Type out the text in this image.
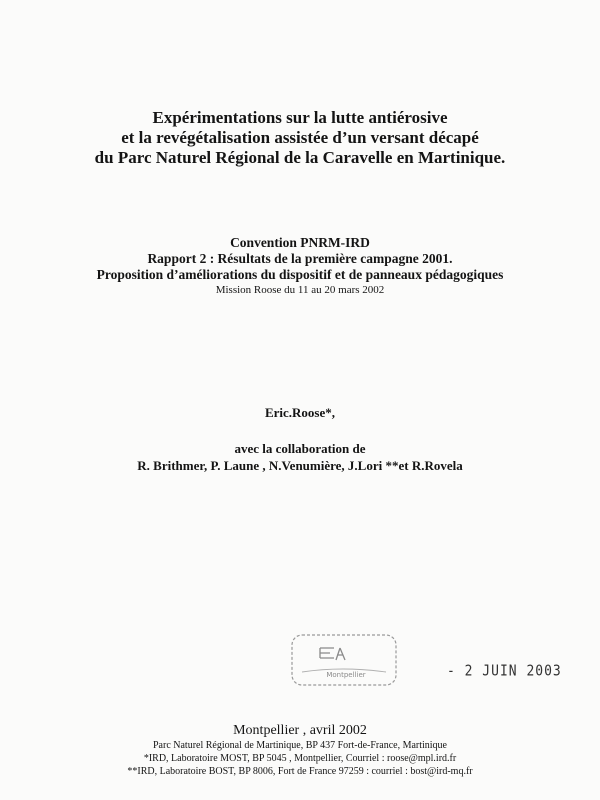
Expérimentations sur la lutte antiérosive
et la revégétalisation assistée d’un versant décapé
du Parc Naturel Régional de la Caravelle en Martinique.
Convention PNRM-IRD
Rapport 2 : Résultats de la première campagne 2001.
Proposition d’améliorations du dispositif et de panneaux pédagogiques
Mission Roose du 11 au 20 mars 2002
Eric.Roose*,
avec la collaboration de
R. Brithmer, P. Laune , N.Venumière, J.Lori **et R.Rovela
Montpellier	- 2 JUIN 2003
Montpellier , avril 2002
Parc Naturel Régional de Martinique, BP 437 Fort-de-France, Martinique
*IRD, Laboratoire MOST, BP 5045 , Montpellier, Courriel : roose@mpl.ird.fr
**IRD, Laboratoire BOST, BP 8006, Fort de France 97259 : courriel : bost@ird-mq.fr
